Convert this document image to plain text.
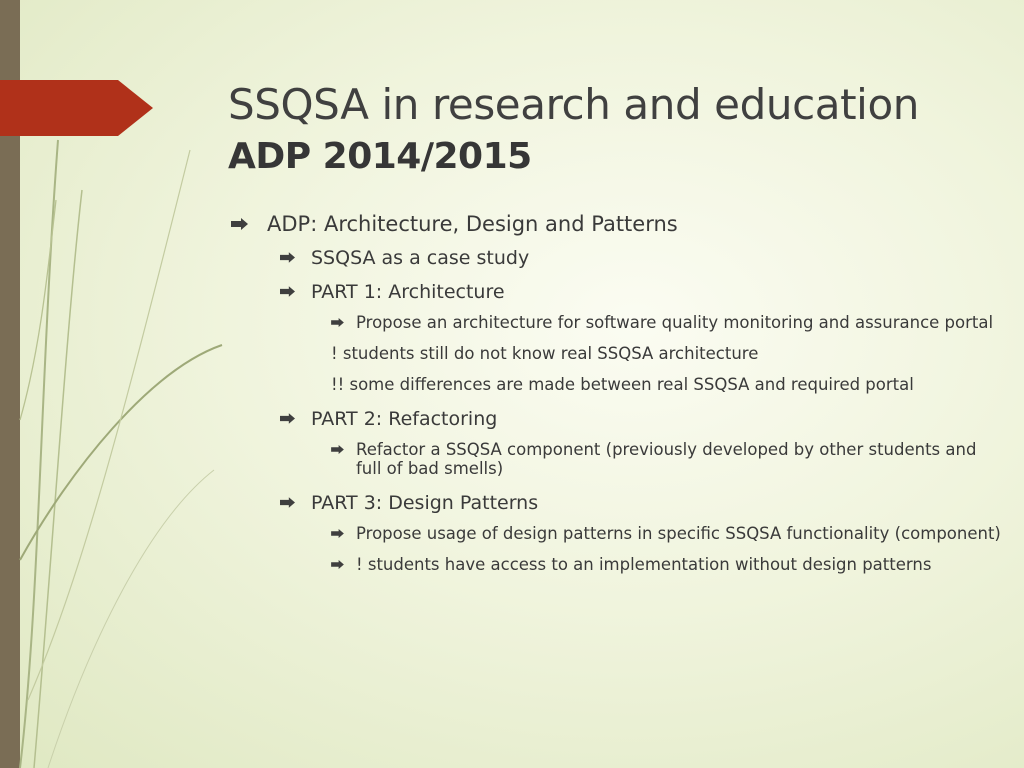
SSQSA in research and education
ADP 2014/2015
ADP: Architecture, Design and Patterns
SSQSA as a case study
PART 1: Architecture
Propose an architecture for software quality monitoring and assurance portal
! students still do not know real SSQSA architecture
!! some differences are made between real SSQSA and required portal
PART 2: Refactoring
Refactor a SSQSA component (previously developed by other students and full of bad smells)
PART 3: Design Patterns
Propose usage of design patterns in specific SSQSA functionality (component)
! students have access to an implementation without design patterns
